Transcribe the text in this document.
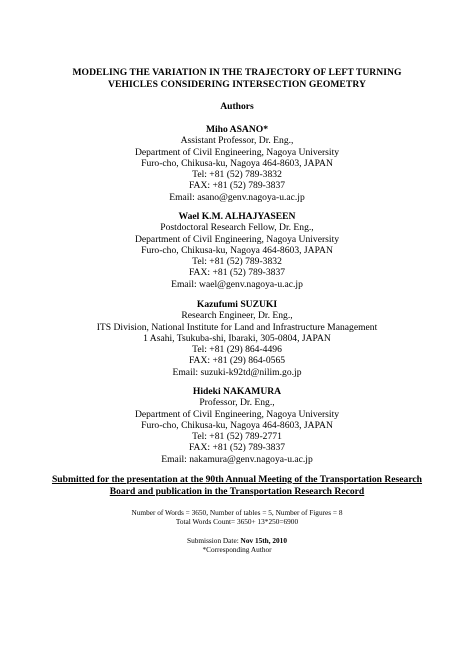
MODELING THE VARIATION IN THE TRAJECTORY OF LEFT TURNING
VEHICLES CONSIDERING INTERSECTION GEOMETRY
Authors
Miho ASANO*
Assistant Professor, Dr. Eng.,
Department of Civil Engineering, Nagoya University
Furo-cho, Chikusa-ku, Nagoya 464-8603, JAPAN
Tel: +81 (52) 789-3832
FAX: +81 (52) 789-3837
Email: asano@genv.nagoya-u.ac.jp
Wael K.M. ALHAJYASEEN
Postdoctoral Research Fellow, Dr. Eng.,
Department of Civil Engineering, Nagoya University
Furo-cho, Chikusa-ku, Nagoya 464-8603, JAPAN
Tel: +81 (52) 789-3832
FAX: +81 (52) 789-3837
Email: wael@genv.nagoya-u.ac.jp
Kazufumi SUZUKI
Research Engineer, Dr. Eng.,
ITS Division, National Institute for Land and Infrastructure Management
1 Asahi, Tsukuba-shi, Ibaraki, 305-0804, JAPAN
Tel: +81 (29) 864-4496
FAX: +81 (29) 864-0565
Email: suzuki-k92td@nilim.go.jp
Hideki NAKAMURA
Professor, Dr. Eng.,
Department of Civil Engineering, Nagoya University
Furo-cho, Chikusa-ku, Nagoya 464-8603, JAPAN
Tel: +81 (52) 789-2771
FAX: +81 (52) 789-3837
Email: nakamura@genv.nagoya-u.ac.jp
Submitted for the presentation at the 90th Annual Meeting of the Transportation Research
Board and publication in the Transportation Research Record
Number of Words = 3650, Number of tables = 5, Number of Figures = 8
Total Words Count= 3650+ 13*250=6900
Submission Date: Nov 15th, 2010
*Corresponding Author
